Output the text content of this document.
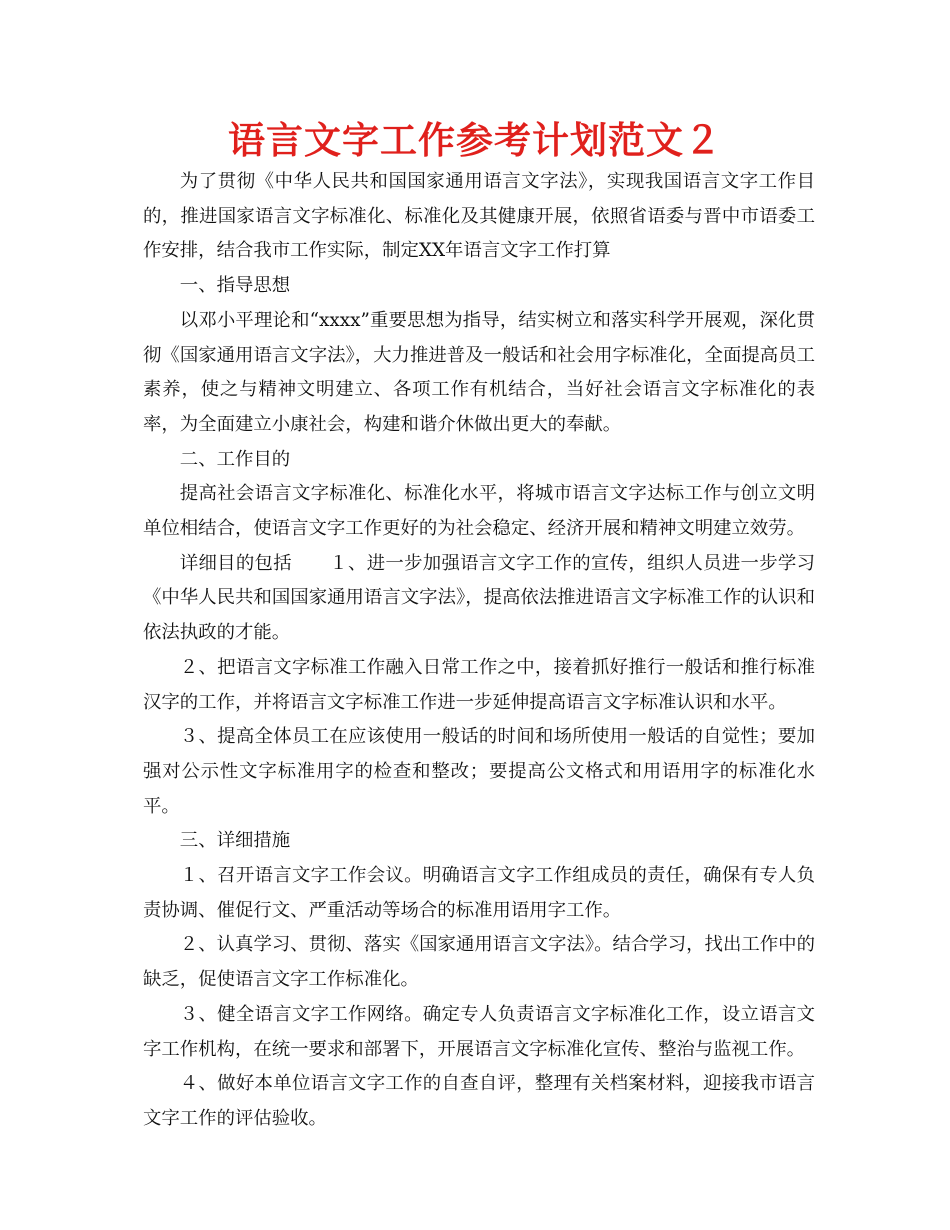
语言文字工作参考计划范文２

为了贯彻《中华人民共和国国家通用语言文字法》，实现我国语言文字工作目的，推进国家语言文字标准化、标准化及其健康开展，依照省语委与晋中市语委工作安排，结合我市工作实际，制定XX年语言文字工作打算

一、指导思想

以邓小平理论和“xxxx”重要思想为指导，结实树立和落实科学开展观，深化贯彻《国家通用语言文字法》，大力推进普及一般话和社会用字标准化，全面提高员工素养，使之与精神文明建立、各项工作有机结合，当好社会语言文字标准化的表率，为全面建立小康社会，构建和谐介休做出更大的奉献。

二、工作目的

提高社会语言文字标准化、标准化水平，将城市语言文字达标工作与创立文明单位相结合，使语言文字工作更好的为社会稳定、经济开展和精神文明建立效劳。

详细目的包括　　１、进一步加强语言文字工作的宣传，组织人员进一步学习《中华人民共和国国家通用语言文字法》，提高依法推进语言文字标准工作的认识和依法执政的才能。

２、把语言文字标准工作融入日常工作之中，接着抓好推行一般话和推行标准汉字的工作，并将语言文字标准工作进一步延伸提高语言文字标准认识和水平。

３、提高全体员工在应该使用一般话的时间和场所使用一般话的自觉性；要加强对公示性文字标准用字的检查和整改；要提高公文格式和用语用字的标准化水平。

三、详细措施

１、召开语言文字工作会议。明确语言文字工作组成员的责任，确保有专人负责协调、催促行文、严重活动等场合的标准用语用字工作。

２、认真学习、贯彻、落实《国家通用语言文字法》。结合学习，找出工作中的缺乏，促使语言文字工作标准化。

３、健全语言文字工作网络。确定专人负责语言文字标准化工作，设立语言文字工作机构，在统一要求和部署下，开展语言文字标准化宣传、整治与监视工作。

４、做好本单位语言文字工作的自查自评，整理有关档案材料，迎接我市语言文字工作的评估验收。
